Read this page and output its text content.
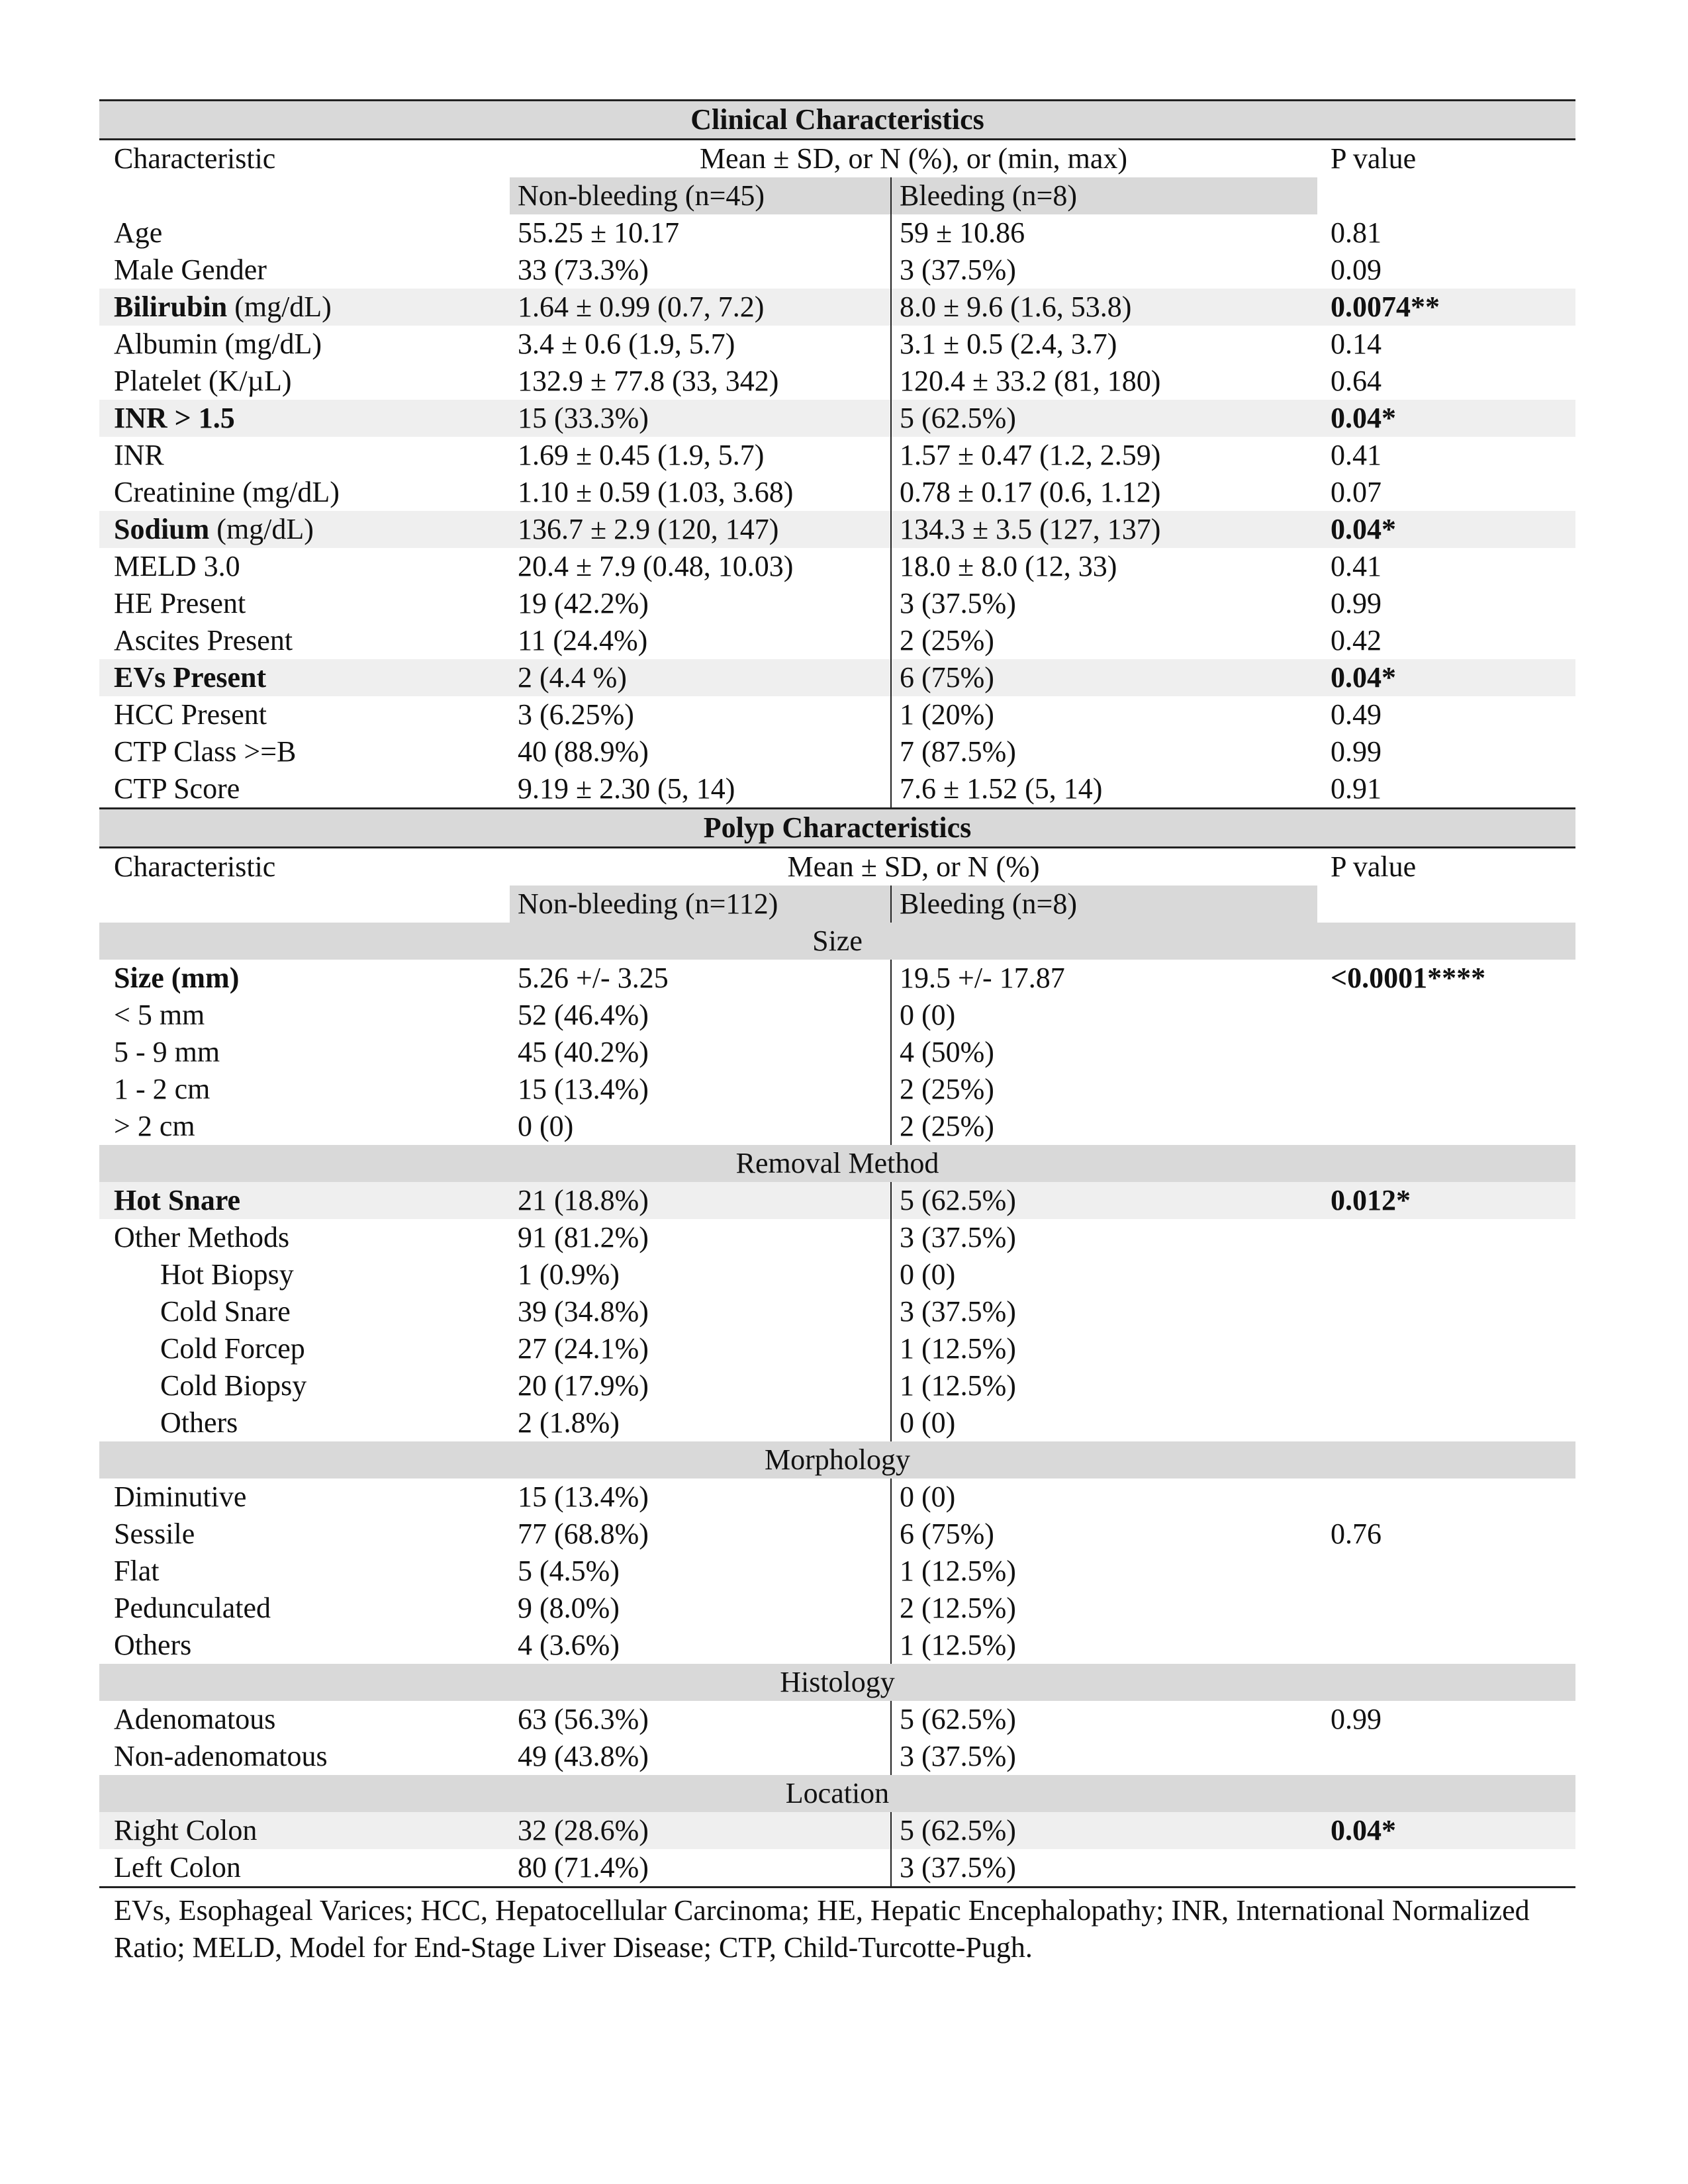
Clinical Characteristics
Characteristic	Mean ± SD, or N (%), or (min, max)	P value
Non-bleeding (n=45)	Bleeding (n=8)
Age	55.25 ± 10.17	59 ± 10.86	0.81
Male Gender	33 (73.3%)	3 (37.5%)	0.09
Bilirubin (mg/dL)	1.64 ± 0.99 (0.7, 7.2)	8.0 ± 9.6 (1.6, 53.8)	0.0074**
Albumin (mg/dL)	3.4 ± 0.6 (1.9, 5.7)	3.1 ± 0.5 (2.4, 3.7)	0.14
Platelet (K/µL)	132.9 ± 77.8 (33, 342)	120.4 ± 33.2 (81, 180)	0.64
INR > 1.5	15 (33.3%)	5 (62.5%)	0.04*
INR	1.69 ± 0.45 (1.9, 5.7)	1.57 ± 0.47 (1.2, 2.59)	0.41
Creatinine (mg/dL)	1.10 ± 0.59 (1.03, 3.68)	0.78 ± 0.17 (0.6, 1.12)	0.07
Sodium (mg/dL)	136.7 ± 2.9 (120, 147)	134.3 ± 3.5 (127, 137)	0.04*
MELD 3.0	20.4 ± 7.9 (0.48, 10.03)	18.0 ± 8.0 (12, 33)	0.41
HE Present	19 (42.2%)	3 (37.5%)	0.99
Ascites Present	11 (24.4%)	2 (25%)	0.42
EVs Present	2 (4.4 %)	6 (75%)	0.04*
HCC Present	3 (6.25%)	1 (20%)	0.49
CTP Class >=B	40 (88.9%)	7 (87.5%)	0.99
CTP Score	9.19 ± 2.30 (5, 14)	7.6 ± 1.52 (5, 14)	0.91
Polyp Characteristics
Characteristic	Mean ± SD, or N (%)	P value
Non-bleeding (n=112)	Bleeding (n=8)
Size
Size (mm)	5.26 +/- 3.25	19.5 +/- 17.87	<0.0001****
< 5 mm	52 (46.4%)	0 (0)
5 - 9 mm	45 (40.2%)	4 (50%)
1 - 2 cm	15 (13.4%)	2 (25%)
> 2 cm	0 (0)	2 (25%)
Removal Method
Hot Snare	21 (18.8%)	5 (62.5%)	0.012*
Other Methods	91 (81.2%)	3 (37.5%)
Hot Biopsy	1 (0.9%)	0 (0)
Cold Snare	39 (34.8%)	3 (37.5%)
Cold Forcep	27 (24.1%)	1 (12.5%)
Cold Biopsy	20 (17.9%)	1 (12.5%)
Others	2 (1.8%)	0 (0)
Morphology
Diminutive	15 (13.4%)	0 (0)
Sessile	77 (68.8%)	6 (75%)	0.76
Flat	5 (4.5%)	1 (12.5%)
Pedunculated	9 (8.0%)	2 (12.5%)
Others	4 (3.6%)	1 (12.5%)
Histology
Adenomatous	63 (56.3%)	5 (62.5%)	0.99
Non-adenomatous	49 (43.8%)	3 (37.5%)
Location
Right Colon	32 (28.6%)	5 (62.5%)	0.04*
Left Colon	80 (71.4%)	3 (37.5%)
EVs, Esophageal Varices; HCC, Hepatocellular Carcinoma; HE, Hepatic Encephalopathy; INR, International Normalized Ratio; MELD, Model for End-Stage Liver Disease; CTP, Child-Turcotte-Pugh.
